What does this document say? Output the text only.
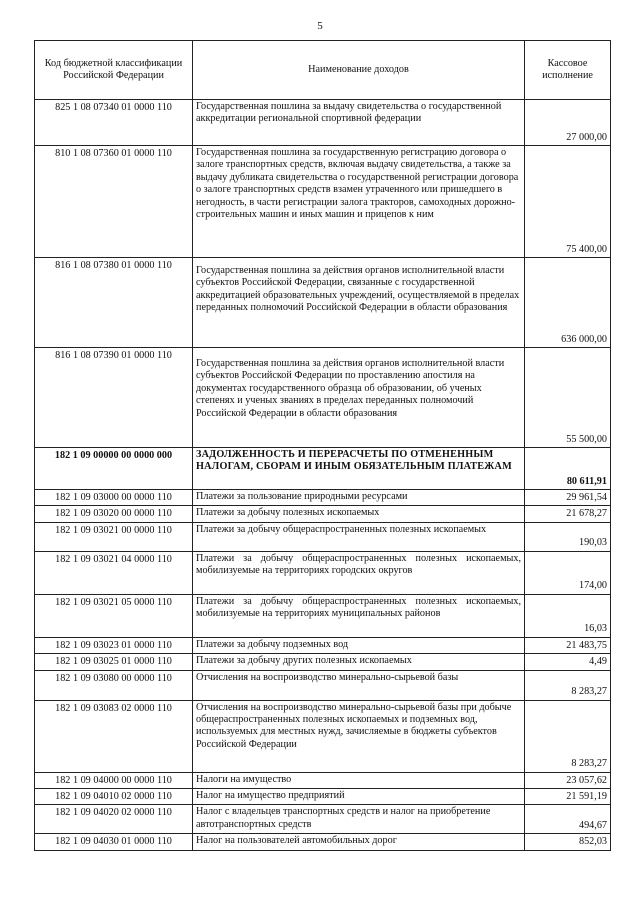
5
Код бюджетной классификации Российской Федерации	Наименование доходов	Кассовое исполнение
825 1 08 07340 01 0000 110	Государственная пошлина за выдачу свидетельства о государственной аккредитации региональной спортивной федерации	27 000,00
810 1 08 07360 01 0000 110	Государственная пошлина за государственную регистрацию договора о залоге транспортных средств, включая выдачу свидетельства, а также за выдачу дубликата свидетельства о государственной регистрации договора о залоге транспортных средств взамен утраченного или пришедшего в негодность, в части регистрации залога тракторов, самоходных дорожно- строительных машин и иных машин и прицепов к ним	75 400,00
816 1 08 07380 01 0000 110	Государственная пошлина за действия органов исполнительной власти субъектов Российской Федерации, связанные с государственной аккредитацией образовательных учреждений, осуществляемой в пределах переданных полномочий Российской Федерации в области образования	636 000,00
816 1 08 07390 01 0000 110	Государственная пошлина за действия органов исполнительной власти субъектов Российской Федерации по проставлению апостиля на документах государственного образца об образовании, об ученых степенях и ученых званиях в пределах переданных полномочий Российской Федерации в области образования	55 500,00
182 1 09 00000 00 0000 000	ЗАДОЛЖЕННОСТЬ И ПЕРЕРАСЧЕТЫ ПО ОТМЕНЕННЫМ НАЛОГАМ, СБОРАМ И ИНЫМ ОБЯЗАТЕЛЬНЫМ ПЛАТЕЖАМ	80 611,91
182 1 09 03000 00 0000 110	Платежи за пользование природными ресурсами	29 961,54
182 1 09 03020 00 0000 110	Платежи за добычу полезных ископаемых	21 678,27
182 1 09 03021 00 0000 110	Платежи за добычу общераспространенных полезных ископаемых	190,03
182 1 09 03021 04 0000 110	Платежи за добычу общераспространенных полезных ископаемых, мобилизуемые на территориях городских округов	174,00
182 1 09 03021 05 0000 110	Платежи за добычу общераспространенных полезных ископаемых, мобилизуемые на территориях муниципальных районов	16,03
182 1 09 03023 01 0000 110	Платежи за добычу подземных вод	21 483,75
182 1 09 03025 01 0000 110	Платежи за добычу других полезных ископаемых	4,49
182 1 09 03080 00 0000 110	Отчисления на воспроизводство минерально-сырьевой базы	8 283,27
182 1 09 03083 02 0000 110	Отчисления на воспроизводство минерально-сырьевой базы при добыче общераспространенных полезных ископаемых и подземных вод, используемых для местных нужд, зачисляемые в бюджеты субъектов Российской Федерации	8 283,27
182 1 09 04000 00 0000 110	Налоги на имущество	23 057,62
182 1 09 04010 02 0000 110	Налог на имущество предприятий	21 591,19
182 1 09 04020 02 0000 110	Налог с владельцев транспортных средств и налог на приобретение автотранспортных средств	494,67
182 1 09 04030 01 0000 110	Налог на пользователей автомобильных дорог	852,03
